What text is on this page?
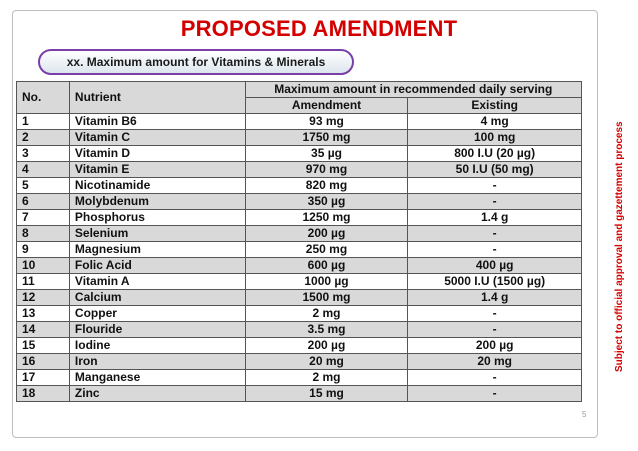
PROPOSED AMENDMENT
xx. Maximum amount for Vitamins & Minerals
No.	Nutrient	Maximum amount in recommended daily serving	
		Amendment	Existing
1	Vitamin B6	93 mg	4 mg
2	Vitamin C	1750 mg	100 mg
3	Vitamin D	35 µg	800 I.U (20 µg)
4	Vitamin E	970 mg	50 I.U (50 mg)
5	Nicotinamide	820 mg	-
6	Molybdenum	350 µg	-
7	Phosphorus	1250 mg	1.4 g
8	Selenium	200 µg	-
9	Magnesium	250 mg	-
10	Folic Acid	600 µg	400 µg
11	Vitamin A	1000 µg	5000 I.U (1500 µg)
12	Calcium	1500 mg	1.4 g
13	Copper	2 mg	-
14	Flouride	3.5 mg	-
15	Iodine	200 µg	200 µg
16	Iron	20 mg	20 mg
17	Manganese	2 mg	-
18	Zinc	15 mg	-
Subject to official approval and gazettement process
5
